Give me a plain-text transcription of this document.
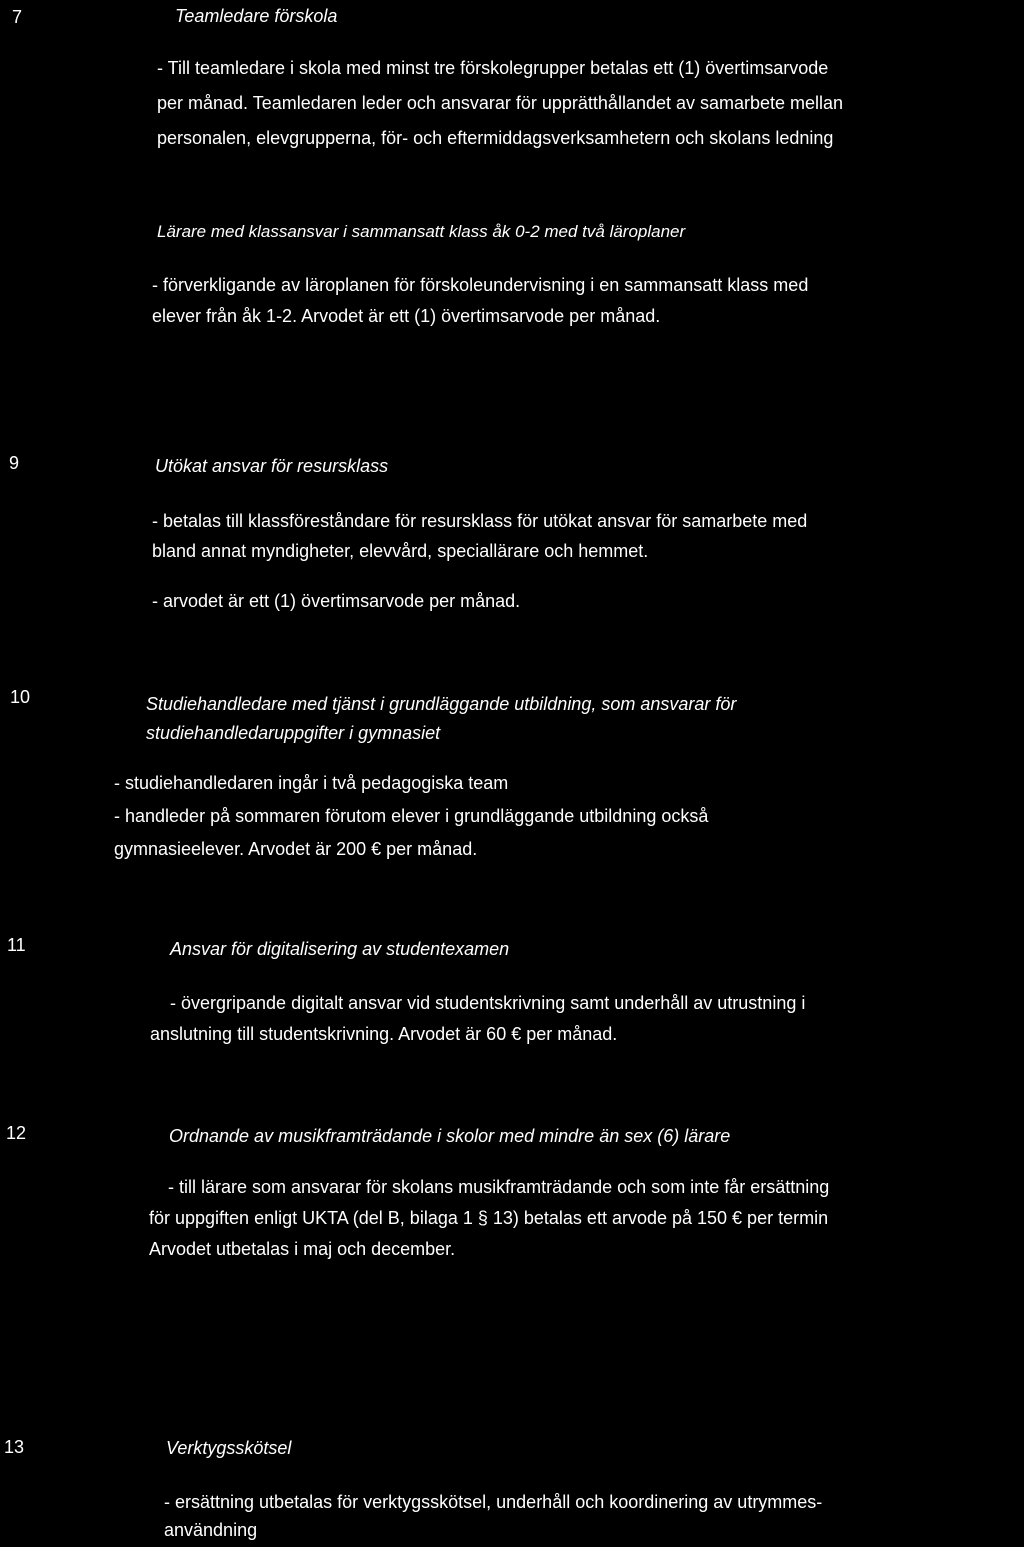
7	Teamledare förskola
- Till teamledare i skola med minst tre förskolegrupper betalas ett (1) övertimsarvode
per månad. Teamledaren leder och ansvarar för upprätthållandet av samarbete mellan
personalen, elevgrupperna, för- och eftermiddagsverksamhetern och skolans ledning
Lärare med klassansvar i sammansatt klass åk 0-2 med två läroplaner
- förverkligande av läroplanen för förskoleundervisning i en sammansatt klass med
elever från åk 1-2. Arvodet är ett (1) övertimsarvode per månad.
9	Utökat ansvar för resursklass
- betalas till klassföreståndare för resursklass för utökat ansvar för samarbete med
bland annat myndigheter, elevvård, speciallärare och hemmet.
- arvodet är ett (1) övertimsarvode per månad.
10	Studiehandledare med tjänst i grundläggande utbildning, som ansvarar för
studiehandledaruppgifter i gymnasiet
- studiehandledaren ingår i två pedagogiska team
- handleder på sommaren förutom elever i grundläggande utbildning också
gymnasieelever. Arvodet är 200 € per månad.
11	Ansvar för digitalisering av studentexamen
- övergripande digitalt ansvar vid studentskrivning samt underhåll av utrustning i
anslutning till studentskrivning. Arvodet är 60 € per månad.
12	Ordnande av musikframträdande i skolor med mindre än sex (6) lärare
- till lärare som ansvarar för skolans musikframträdande och som inte får ersättning
för uppgiften enligt UKTA (del B, bilaga 1 § 13) betalas ett arvode på 150 € per termin
Arvodet utbetalas i maj och december.
13	Verktygsskötsel
- ersättning utbetalas för verktygsskötsel, underhåll och koordinering av utrymmes-
användning
